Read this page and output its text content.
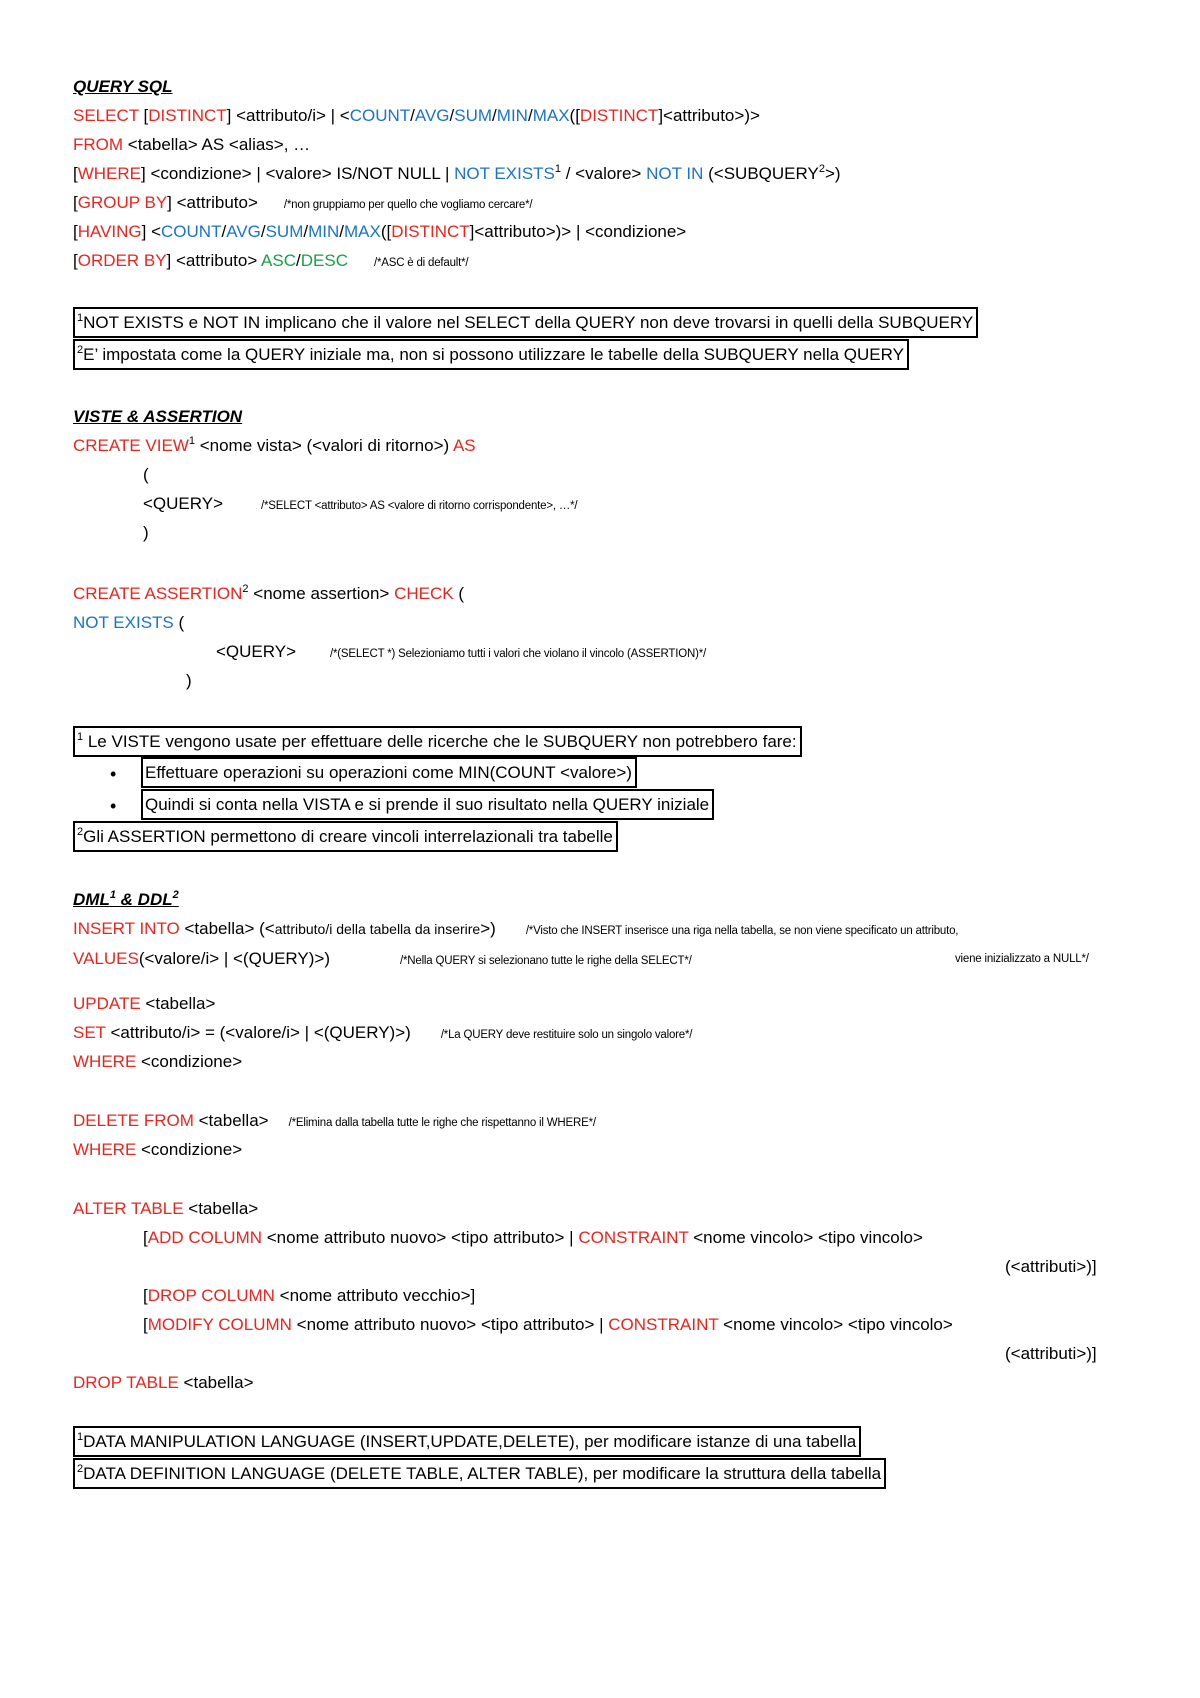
QUERY SQL
SELECT [DISTINCT] <attributo/i> | <COUNT/AVG/SUM/MIN/MAX([DISTINCT]<attributo>)>
FROM <tabella> AS <alias>, …
[WHERE] <condizione> | <valore> IS/NOT NULL | NOT EXISTS$^1$ / <valore> NOT IN $(<SUBQUERY^2>)$
[GROUP BY] <attributo> /*non gruppiamo per quello che vogliamo cercare*/
[HAVING] <COUNT/AVG/SUM/MIN/MAX([DISTINCT]<attributo>)> | <condizione>
[ORDER BY] <attributo> ASC/DESC /*ASC è di default*/
$^1$NOT EXISTS e NOT IN implicano che il valore nel SELECT della QUERY non deve trovarsi in quelli della SUBQUERY
$^2$E’ impostata come la QUERY iniziale ma, non si possono utilizzare le tabelle della SUBQUERY nella QUERY
VISTE & ASSERTION
CREATE $VIEW^1$ <nome vista> (<valori di ritorno>) AS
(
<QUERY>	/*SELECT <attributo> AS <valore di ritorno corrispondente>, …*/
)
CREATE $ASSERTION^2$ <nome assertion> CHECK (
NOT EXISTS (
<QUERY>	/*(SELECT *) Selezioniamo tutti i valori che violano il vincolo (ASSERTION)*/
)
$^1$ Le VISTE vengono usate per effettuare delle ricerche che le SUBQUERY non potrebbero fare:
• Effettuare operazioni su operazioni come MIN(COUNT <valore>)
• Quindi si conta nella VISTA e si prende il suo risultato nella QUERY iniziale
$^2$Gli ASSERTION permettono di creare vincoli interrelazionali tra tabelle
DML$^1$ & DDL$^2$
INSERT INTO <tabella> (<attributo/i della tabella da inserire>)	/*Visto che INSERT inserisce una riga nella tabella, se non viene specificato un attributo,
VALUES(<valore/i> | <(QUERY)>)	/*Nella QUERY si selezionano tutte le righe della SELECT*/	viene inizializzato a NULL*/
UPDATE <tabella>
SET <attributo/i> = (<valore/i> | <(QUERY)>)	/*La QUERY deve restituire solo un singolo valore*/
WHERE <condizione>
DELETE FROM <tabella> /*Elimina dalla tabella tutte le righe che rispettanno il WHERE*/
WHERE <condizione>
ALTER TABLE <tabella>
[ADD COLUMN <nome attributo nuovo> <tipo attributo> | CONSTRAINT <nome vincolo> <tipo vincolo>
(<attributi>)]
[DROP COLUMN <nome attributo vecchio>]
[MODIFY COLUMN <nome attributo nuovo> <tipo attributo> | CONSTRAINT <nome vincolo> <tipo vincolo>
(<attributi>)]
DROP TABLE <tabella>
$^1$DATA MANIPULATION LANGUAGE (INSERT,UPDATE,DELETE), per modificare istanze di una tabella
$^2$DATA DEFINITION LANGUAGE (DELETE TABLE, ALTER TABLE), per modificare la struttura della tabella
